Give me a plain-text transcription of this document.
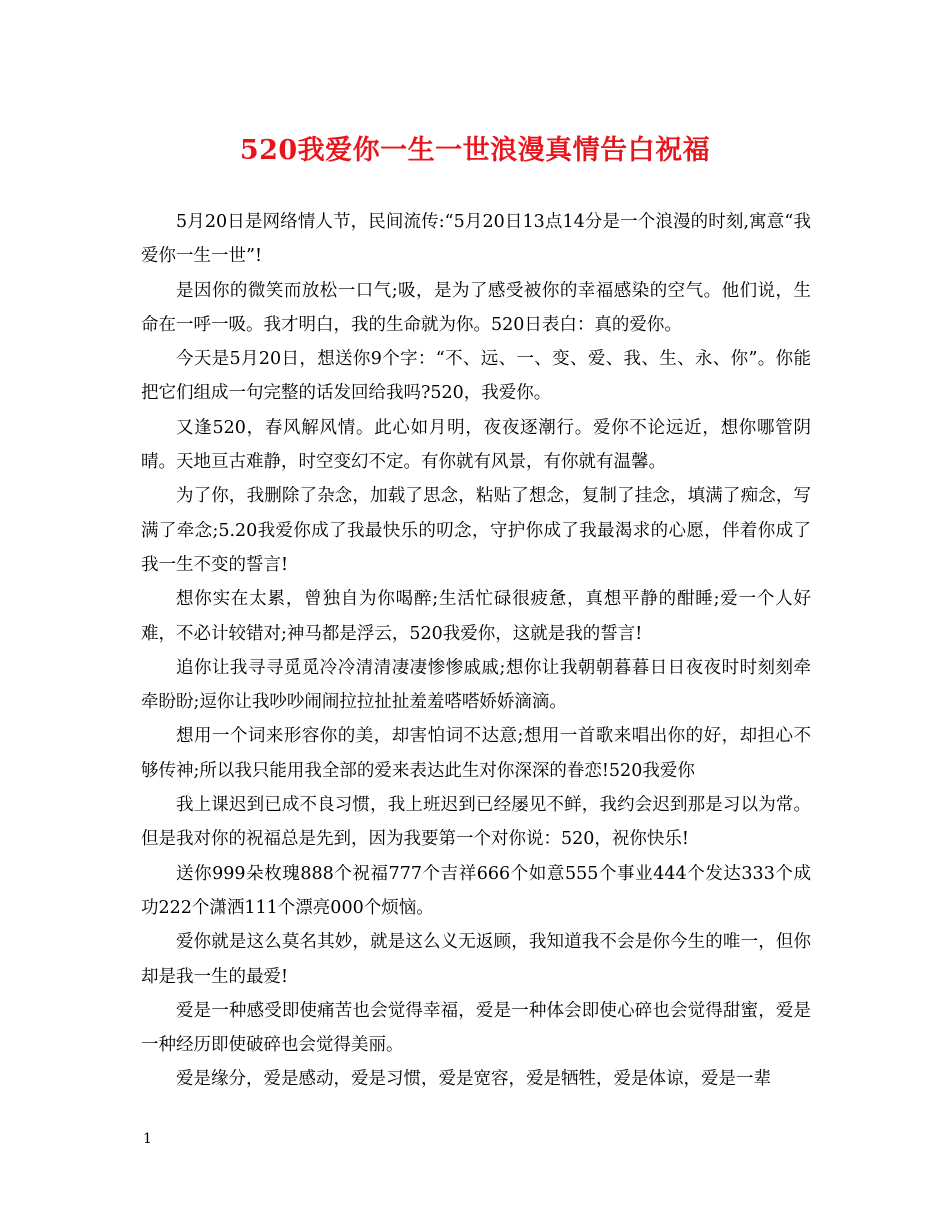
520我爱你一生一世浪漫真情告白祝福

5月20日是网络情人节，民间流传:“5月20日13点14分是一个浪漫的时刻,寓意“我爱你一生一世”!

是因你的微笑而放松一口气;吸，是为了感受被你的幸福感染的空气。他们说，生命在一呼一吸。我才明白，我的生命就为你。520日表白：真的爱你。

今天是5月20日，想送你9个字：“不、远、一、变、爱、我、生、永、你”。你能把它们组成一句完整的话发回给我吗?520，我爱你。

又逢520，春风解风情。此心如月明，夜夜逐潮行。爱你不论远近，想你哪管阴晴。天地亘古难静，时空变幻不定。有你就有风景，有你就有温馨。

为了你，我删除了杂念，加载了思念，粘贴了想念，复制了挂念，填满了痴念，写满了牵念;5.20我爱你成了我最快乐的叨念，守护你成了我最渴求的心愿，伴着你成了我一生不变的誓言!

想你实在太累，曾独自为你喝醉;生活忙碌很疲惫，真想平静的酣睡;爱一个人好难，不必计较错对;神马都是浮云，520我爱你，这就是我的誓言!

追你让我寻寻觅觅冷冷清清凄凄惨惨戚戚;想你让我朝朝暮暮日日夜夜时时刻刻牵牵盼盼;逗你让我吵吵闹闹拉拉扯扯羞羞嗒嗒娇娇滴滴。

想用一个词来形容你的美，却害怕词不达意;想用一首歌来唱出你的好，却担心不够传神;所以我只能用我全部的爱来表达此生对你深深的眷恋!520我爱你

我上课迟到已成不良习惯，我上班迟到已经屡见不鲜，我约会迟到那是习以为常。但是我对你的祝福总是先到，因为我要第一个对你说：520，祝你快乐!

送你999朵枚瑰888个祝福777个吉祥666个如意555个事业444个发达333个成功222个潇洒111个漂亮000个烦恼。

爱你就是这么莫名其妙，就是这么义无返顾，我知道我不会是你今生的唯一，但你却是我一生的最爱!

爱是一种感受即使痛苦也会觉得幸福，爱是一种体会即使心碎也会觉得甜蜜，爱是一种经历即使破碎也会觉得美丽。

爱是缘分，爱是感动，爱是习惯，爱是宽容，爱是牺牲，爱是体谅，爱是一辈

1
